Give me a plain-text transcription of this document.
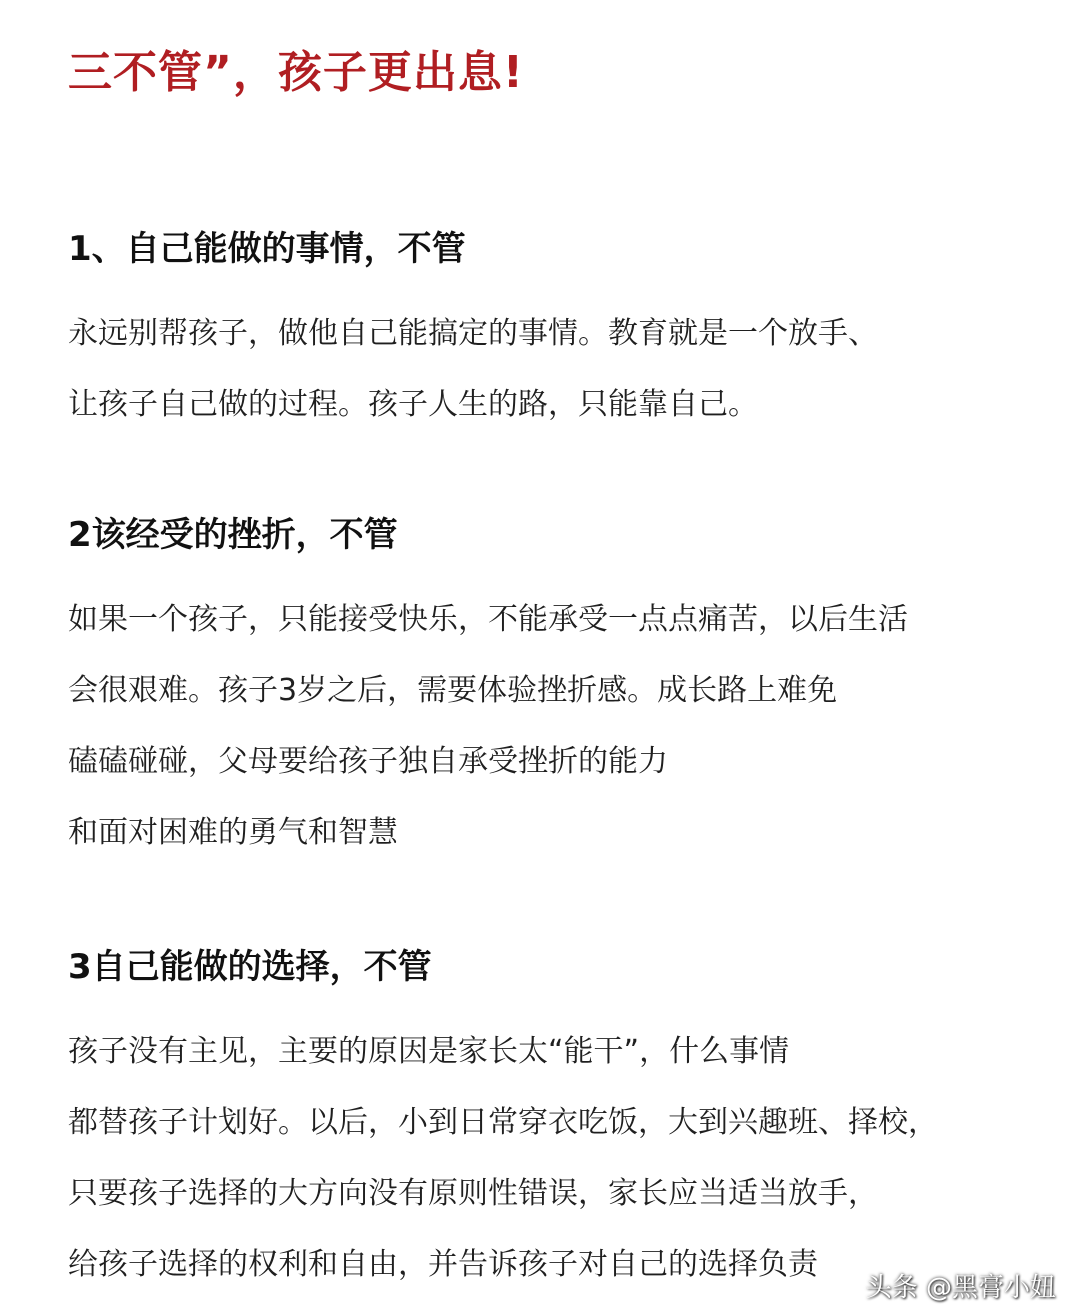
三不管”，孩子更出息!
1、自己能做的事情，不管
永远别帮孩子，做他自己能搞定的事情。教育就是一个放手、
让孩子自己做的过程。孩子人生的路，只能靠自己。
2该经受的挫折，不管
如果一个孩子，只能接受快乐，不能承受一点点痛苦，以后生活
会很艰难。孩子3岁之后，需要体验挫折感。成长路上难免
磕磕碰碰，父母要给孩子独自承受挫折的能力
和面对困难的勇气和智慧
3自己能做的选择，不管
孩子没有主见，主要的原因是家长太“能干”，什么事情
都替孩子计划好。以后，小到日常穿衣吃饭，大到兴趣班、择校，
只要孩子选择的大方向没有原则性错误，家长应当适当放手，
给孩子选择的权利和自由，并告诉孩子对自己的选择负责
头条 @黑膏小妞
